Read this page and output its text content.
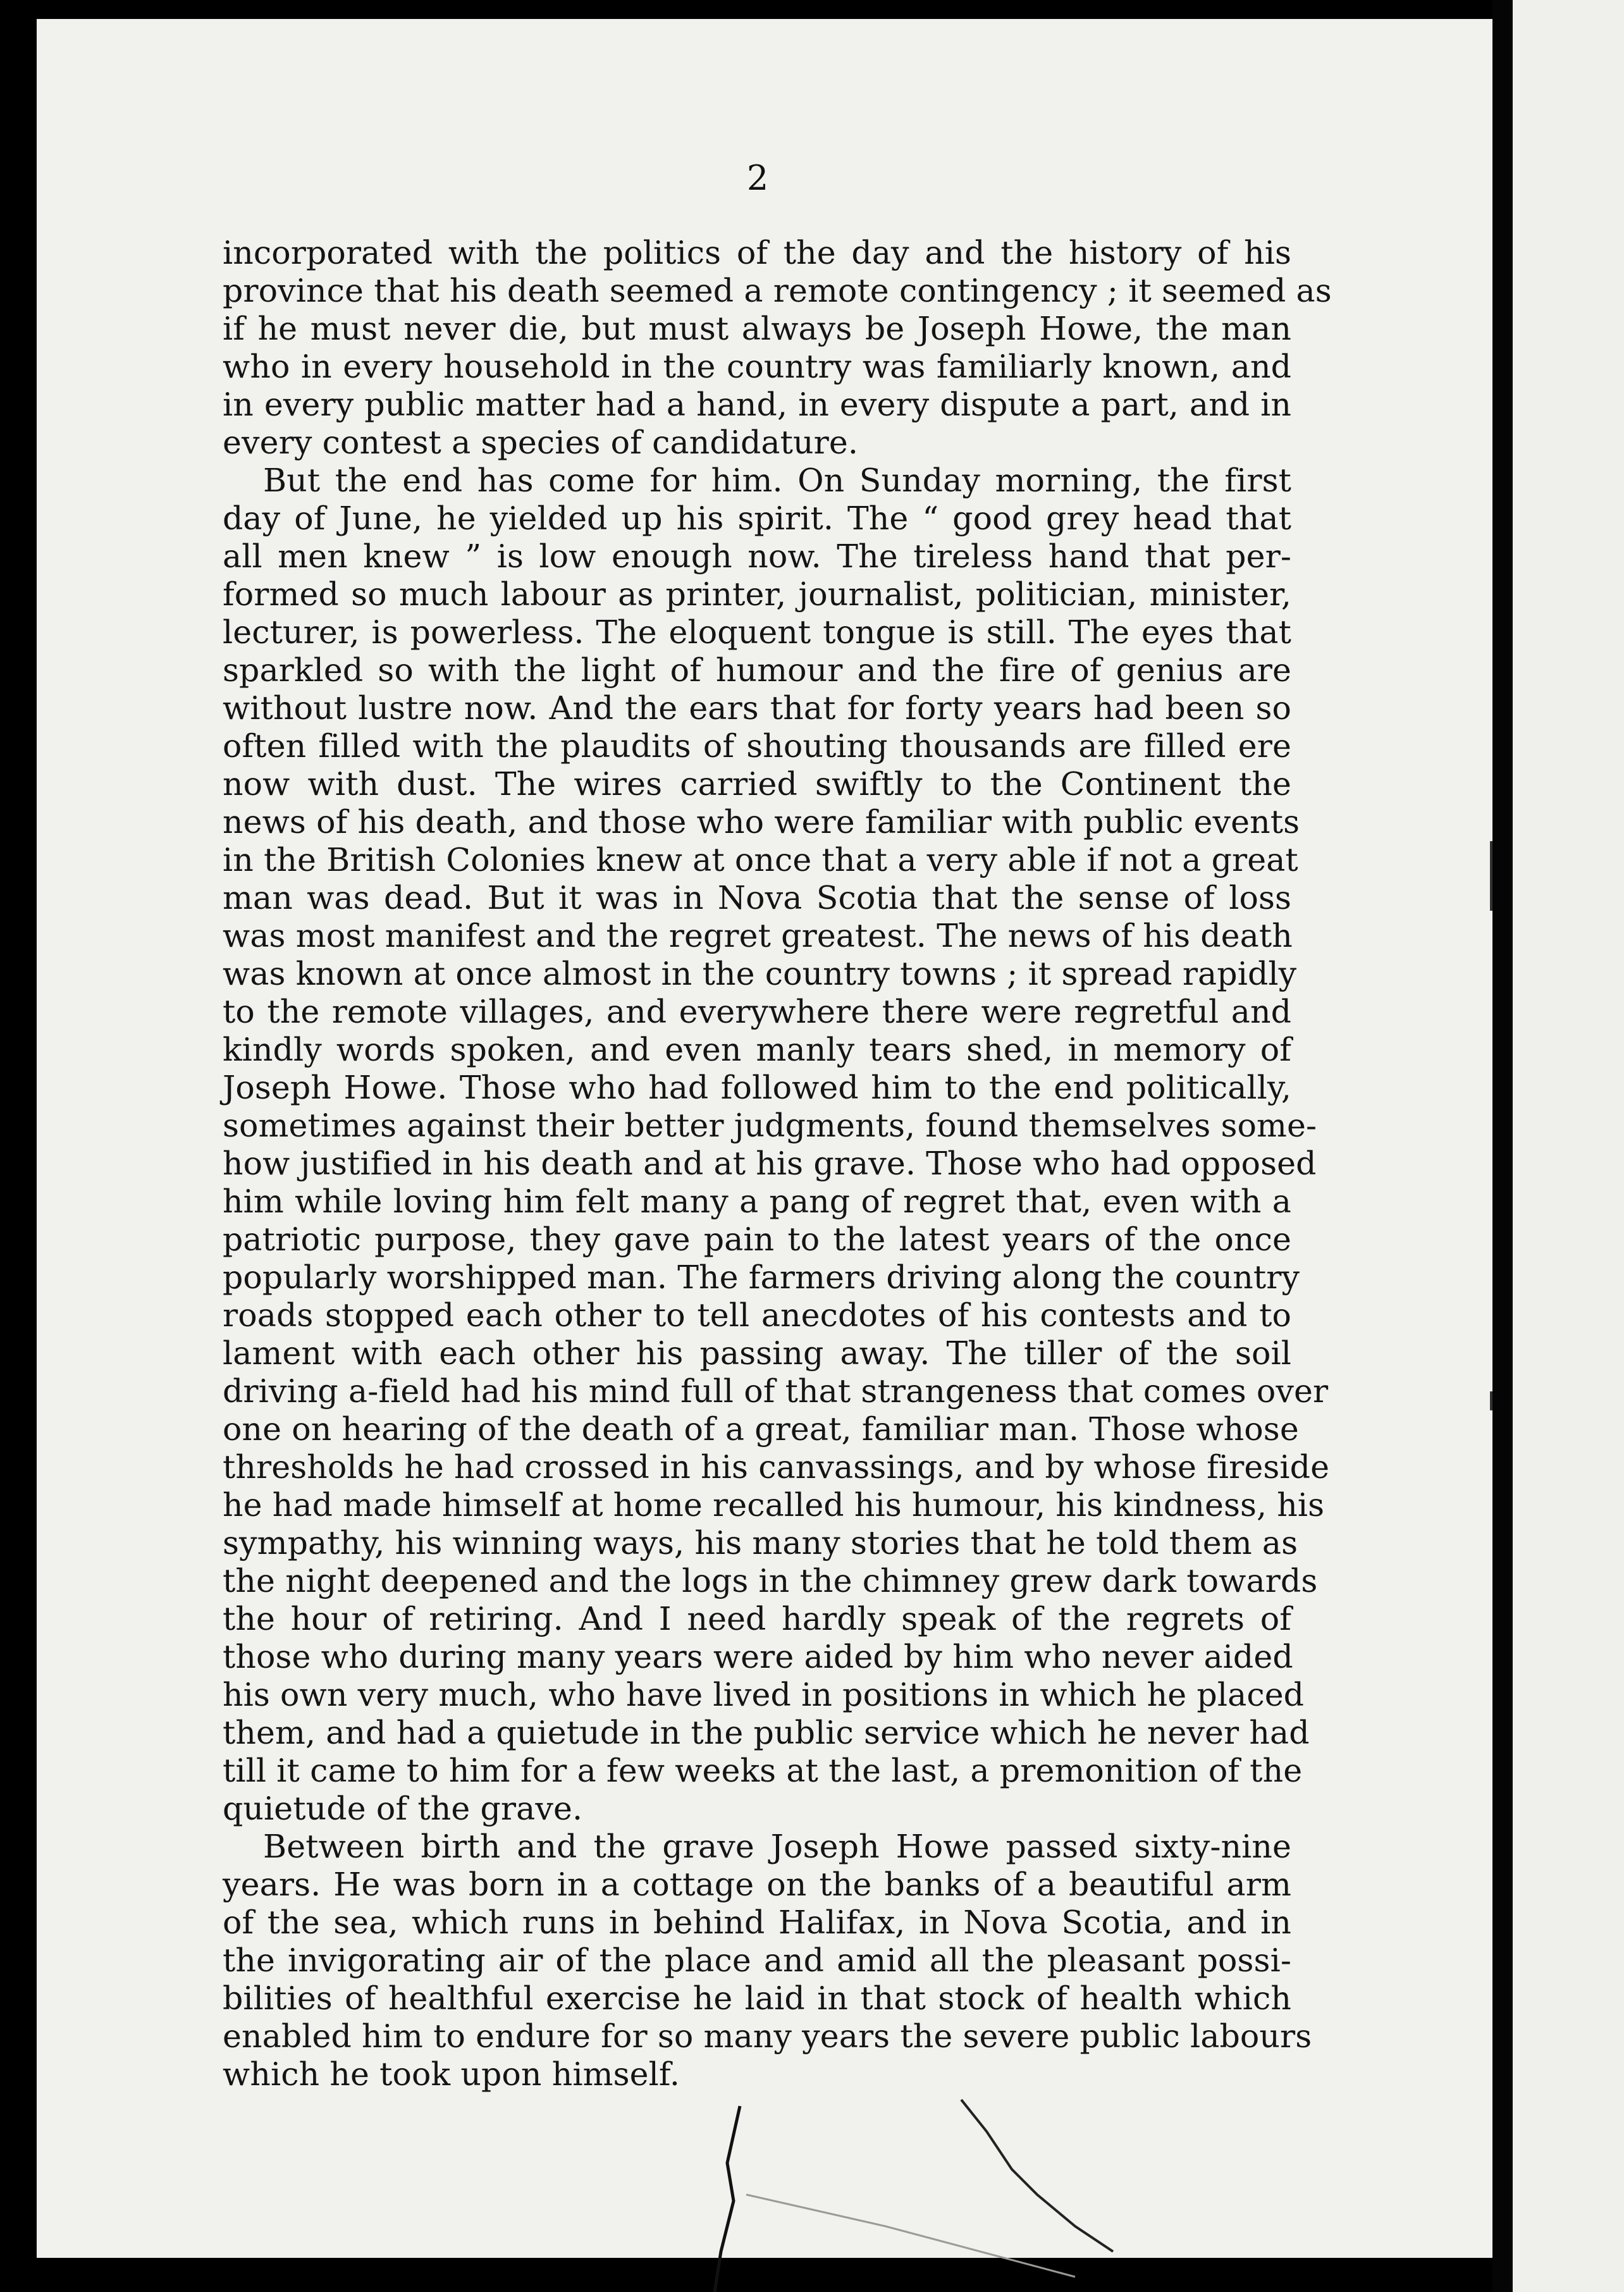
2
incorporated with the politics of the day and the history of his
province that his death seemed a remote contingency ; it seemed as
if he must never die, but must always be Joseph Howe, the man
who in every household in the country was familiarly known, and
in every public matter had a hand, in every dispute a part, and in
every contest a species of candidature.
But the end has come for him. On Sunday morning, the first
day of June, he yielded up his spirit. The “ good grey head that
all men knew ” is low enough now. The tireless hand that per-
formed so much labour as printer, journalist, politician, minister,
lecturer, is powerless. The eloquent tongue is still. The eyes that
sparkled so with the light of humour and the fire of genius are
without lustre now. And the ears that for forty years had been so
often filled with the plaudits of shouting thousands are filled ere
now with dust. The wires carried swiftly to the Continent the
news of his death, and those who were familiar with public events
in the British Colonies knew at once that a very able if not a great
man was dead. But it was in Nova Scotia that the sense of loss
was most manifest and the regret greatest. The news of his death
was known at once almost in the country towns ; it spread rapidly
to the remote villages, and everywhere there were regretful and
kindly words spoken, and even manly tears shed, in memory of
Joseph Howe. Those who had followed him to the end politically,
sometimes against their better judgments, found themselves some-
how justified in his death and at his grave. Those who had opposed
him while loving him felt many a pang of regret that, even with a
patriotic purpose, they gave pain to the latest years of the once
popularly worshipped man. The farmers driving along the country
roads stopped each other to tell anecdotes of his contests and to
lament with each other his passing away. The tiller of the soil
driving a-field had his mind full of that strangeness that comes over
one on hearing of the death of a great, familiar man. Those whose
thresholds he had crossed in his canvassings, and by whose fireside
he had made himself at home recalled his humour, his kindness, his
sympathy, his winning ways, his many stories that he told them as
the night deepened and the logs in the chimney grew dark towards
the hour of retiring. And I need hardly speak of the regrets of
those who during many years were aided by him who never aided
his own very much, who have lived in positions in which he placed
them, and had a quietude in the public service which he never had
till it came to him for a few weeks at the last, a premonition of the
quietude of the grave.
Between birth and the grave Joseph Howe passed sixty-nine
years. He was born in a cottage on the banks of a beautiful arm
of the sea, which runs in behind Halifax, in Nova Scotia, and in
the invigorating air of the place and amid all the pleasant possi-
bilities of healthful exercise he laid in that stock of health which
enabled him to endure for so many years the severe public labours
which he took upon himself.
